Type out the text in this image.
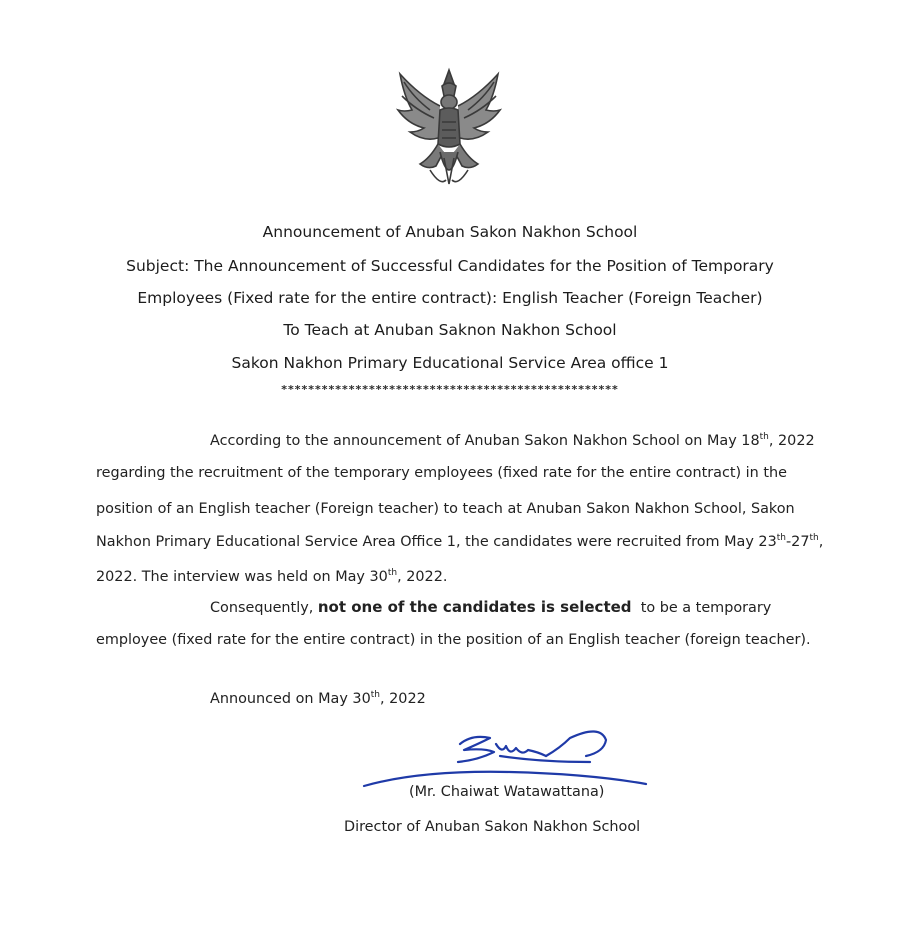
Announcement of Anuban Sakon Nakhon School
Subject: The Announcement of Successful Candidates for the Position of Temporary
Employees (Fixed rate for the entire contract): English Teacher (Foreign Teacher)
To Teach at Anuban Saknon Nakhon School
Sakon Nakhon Primary Educational Service Area office 1
**************************************************
According to the announcement of Anuban Sakon Nakhon School on May 18th, 2022
regarding the recruitment of the temporary employees (fixed rate for the entire contract) in the
position of an English teacher (Foreign teacher) to teach at Anuban Sakon Nakhon School, Sakon
Nakhon Primary Educational Service Area Office 1, the candidates were recruited from May 23th-27th,
2022. The interview was held on May 30th, 2022.
Consequently, not one of the candidates is selected to be a temporary
employee (fixed rate for the entire contract) in the position of an English teacher (foreign teacher).
Announced on May 30th, 2022
(Mr. Chaiwat Watawattana)
Director of Anuban Sakon Nakhon School
